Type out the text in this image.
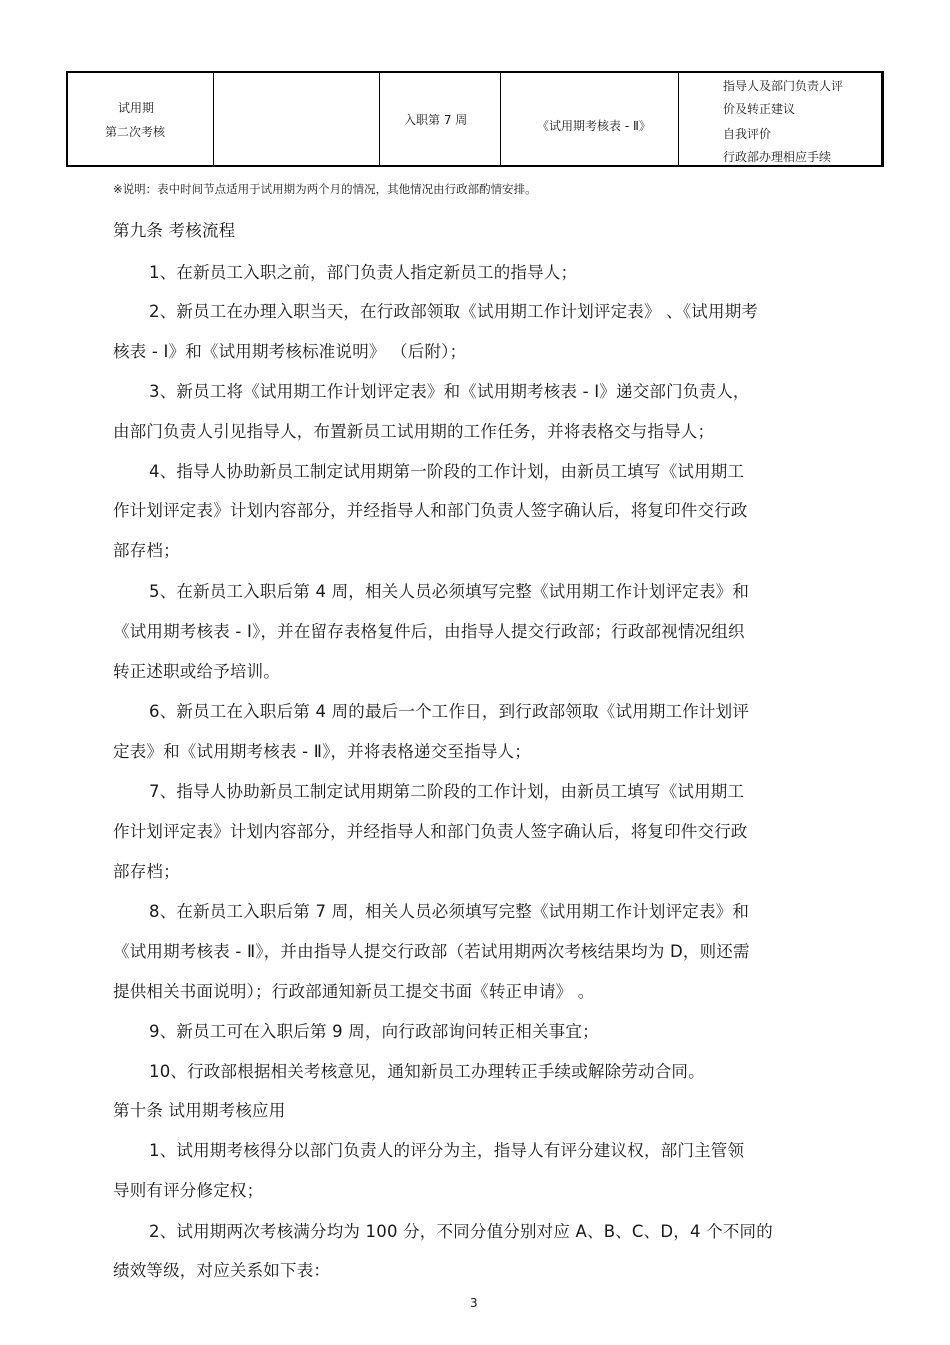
试用期
第二次考核
入职第 7 周	《试用期考核表 - Ⅱ》
指导人及部门负责人评
价及转正建议
自我评价
行政部办理相应手续
※说明：表中时间节点适用于试用期为两个月的情况，其他情况由行政部酌情安排。
第九条 考核流程
1、在新员工入职之前，部门负责人指定新员工的指导人；
2、新员工在办理入职当天，在行政部领取《试用期工作计划评定表》 、《试用期考
核表 - Ⅰ》和《试用期考核标准说明》 （后附）；
3、新员工将《试用期工作计划评定表》和《试用期考核表 - Ⅰ》递交部门负责人，
由部门负责人引见指导人，布置新员工试用期的工作任务，并将表格交与指导人；
4、指导人协助新员工制定试用期第一阶段的工作计划，由新员工填写《试用期工
作计划评定表》计划内容部分，并经指导人和部门负责人签字确认后，将复印件交行政
部存档；
5、在新员工入职后第 4 周，相关人员必须填写完整《试用期工作计划评定表》和
《试用期考核表 - Ⅰ》，并在留存表格复件后，由指导人提交行政部；行政部视情况组织
转正述职或给予培训。
6、新员工在入职后第 4 周的最后一个工作日，到行政部领取《试用期工作计划评
定表》和《试用期考核表 - Ⅱ》，并将表格递交至指导人；
7、指导人协助新员工制定试用期第二阶段的工作计划，由新员工填写《试用期工
作计划评定表》计划内容部分，并经指导人和部门负责人签字确认后，将复印件交行政
部存档；
8、在新员工入职后第 7 周，相关人员必须填写完整《试用期工作计划评定表》和
《试用期考核表 - Ⅱ》，并由指导人提交行政部（若试用期两次考核结果均为 D，则还需
提供相关书面说明）；行政部通知新员工提交书面《转正申请》 。
9、新员工可在入职后第 9 周，向行政部询问转正相关事宜；
10、行政部根据相关考核意见，通知新员工办理转正手续或解除劳动合同。
第十条 试用期考核应用
1、试用期考核得分以部门负责人的评分为主，指导人有评分建议权，部门主管领
导则有评分修定权；
2、试用期两次考核满分均为 100 分，不同分值分别对应 A、B、C、D，4 个不同的
绩效等级，对应关系如下表：
3
